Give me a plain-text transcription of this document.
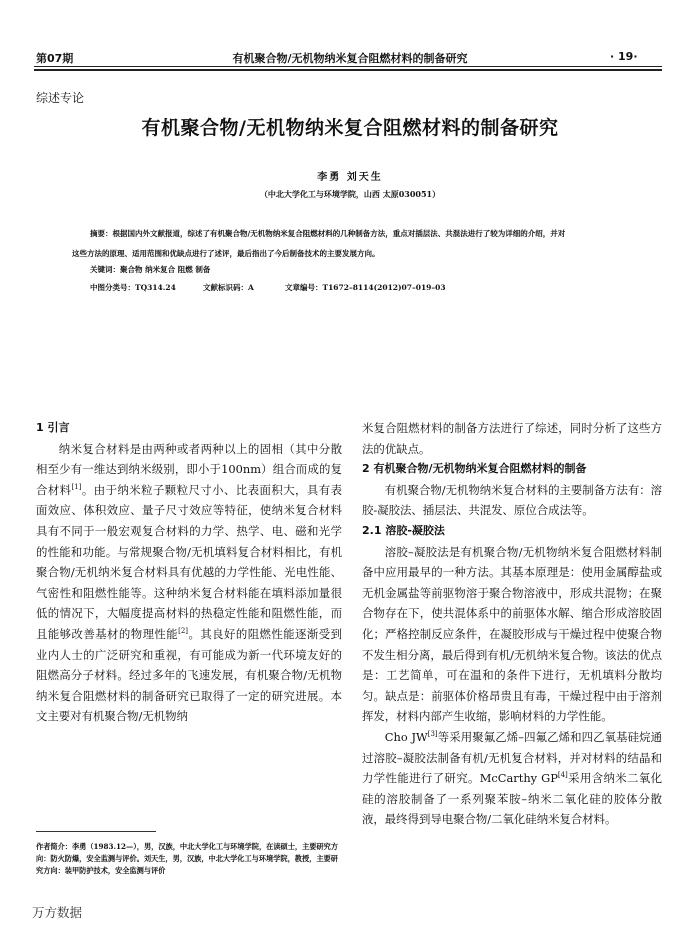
第07期	有机聚合物/无机物纳米复合阻燃材料的制备研究	· 19·
综述专论
有机聚合物/无机物纳米复合阻燃材料的制备研究
李勇 刘天生
（中北大学化工与环境学院，山西 太原030051）
摘要：根据国内外文献报道，综述了有机聚合物/无机物纳米复合阻燃材料的几种制备方法，重点对插层法、共混法进行了较为详细的介绍，并对
这些方法的原理、适用范围和优缺点进行了述评，最后指出了今后制备技术的主要发展方向。
关键词：聚合物 纳米复合 阻燃 制备
中图分类号：TQ314.24	文献标识码：A	文章编号：T1672–8114(2012)07–019–03

1 引言

纳米复合材料是由两种或者两种以上的固相（其中分散相至少有一维达到纳米级别，即小于100nm）组合而成的复合材料[1]。由于纳米粒子颗粒尺寸小、比表面积大，具有表面效应、体积效应、量子尺寸效应等特征，使纳米复合材料具有不同于一般宏观复合材料的力学、热学、电、磁和光学的性能和功能。与常规聚合物/无机填料复合材料相比，有机聚合物/无机纳米复合材料具有优越的力学性能、光电性能、气密性和阻燃性能等。这种纳米复合材料能在填料添加量很低的情况下，大幅度提高材料的热稳定性能和阻燃性能，而且能够改善基材的物理性能[2]。其良好的阻燃性能逐渐受到业内人士的广泛研究和重视，有可能成为新一代环境友好的阻燃高分子材料。经过多年的飞速发展，有机聚合物/无机物纳米复合阻燃材料的制备研究已取得了一定的研究进展。本文主要对有机聚合物/无机物纳

作者简介：李勇（1983.12—），男，汉族，中北大学化工与环境学院，在读硕士，主要研究方向：防火防爆，安全监测与评价。刘天生，男，汉族，中北大学化工与环境学院，教授，主要研究方向：装甲防护技术，安全监测与评价

米复合阻燃材料的制备方法进行了综述，同时分析了这些方法的优缺点。

2 有机聚合物/无机物纳米复合阻燃材料的制备

有机聚合物/无机物纳米复合材料的主要制备方法有：溶胶-凝胶法、插层法、共混发、原位合成法等。

2.1 溶胶-凝胶法

溶胶–凝胶法是有机聚合物/无机物纳米复合阻燃材料制备中应用最早的一种方法。其基本原理是：使用金属醇盐或无机金属盐等前驱物溶于聚合物溶液中，形成共混物；在聚合物存在下，使共混体系中的前驱体水解、缩合形成溶胶固化；严格控制反应条件，在凝胶形成与干燥过程中使聚合物不发生相分离，最后得到有机/无机纳米复合物。该法的优点是：工艺简单，可在温和的条件下进行，无机填料分散均匀。缺点是：前驱体价格昂贵且有毒，干燥过程中由于溶剂挥发，材料内部产生收缩，影响材料的力学性能。

Cho JW[3]等采用聚氟乙烯–四氟乙烯和四乙氧基硅烷通过溶胶–凝胶法制备有机/无机复合材料，并对材料的结晶和力学性能进行了研究。McCarthy GP[4]采用含纳米二氧化硅的溶胶制备了一系列聚苯胺–纳米二氧化硅的胶体分散液，最终得到导电聚合物/二氧化硅纳米复合材料。

万方数据
